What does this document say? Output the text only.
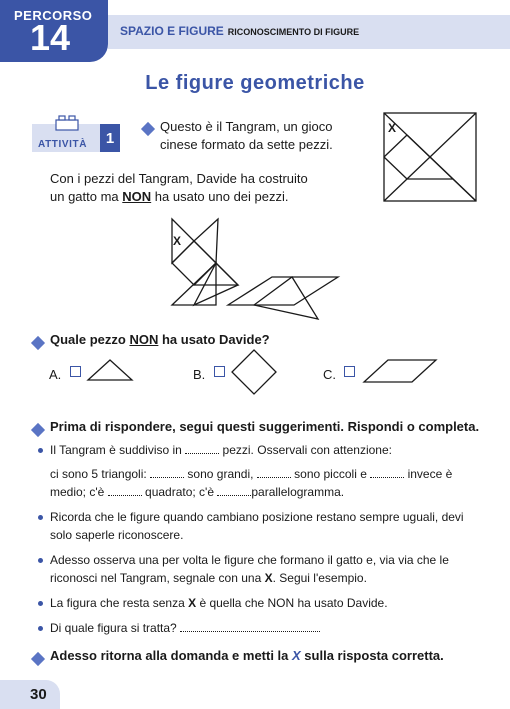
PERCORSO
14	SPAZIO E FIGURE RICONOSCIMENTO DI FIGURE
Le figure geometriche
ATTIVITÀ	1
Questo è il Tangram, un gioco
cinese formato da sette pezzi.
X
Con i pezzi del Tangram, Davide ha costruito
un gatto ma NON ha usato uno dei pezzi.
X
Quale pezzo NON ha usato Davide?
A.	B.	C.
Prima di rispondere, segui questi suggerimenti. Rispondi o completa.
Il Tangram è suddiviso in	pezzi. Osservali con attenzione:

ci sono 5 triangoli:	sono grandi,	sono piccoli e	invece è
medio; c'è	quadrato; c'è	parallelogramma.
Ricorda che le figure quando cambiano posizione restano sempre uguali, devi solo saperle riconoscere.
Adesso osserva una per volta le figure che formano il gatto e, via via che le riconosci nel Tangram, segnale con una X. Segui l'esempio.
La figura che resta senza X è quella che NON ha usato Davide.
Di quale figura si tratta?
Adesso ritorna alla domanda e metti la X sulla risposta corretta.
30
